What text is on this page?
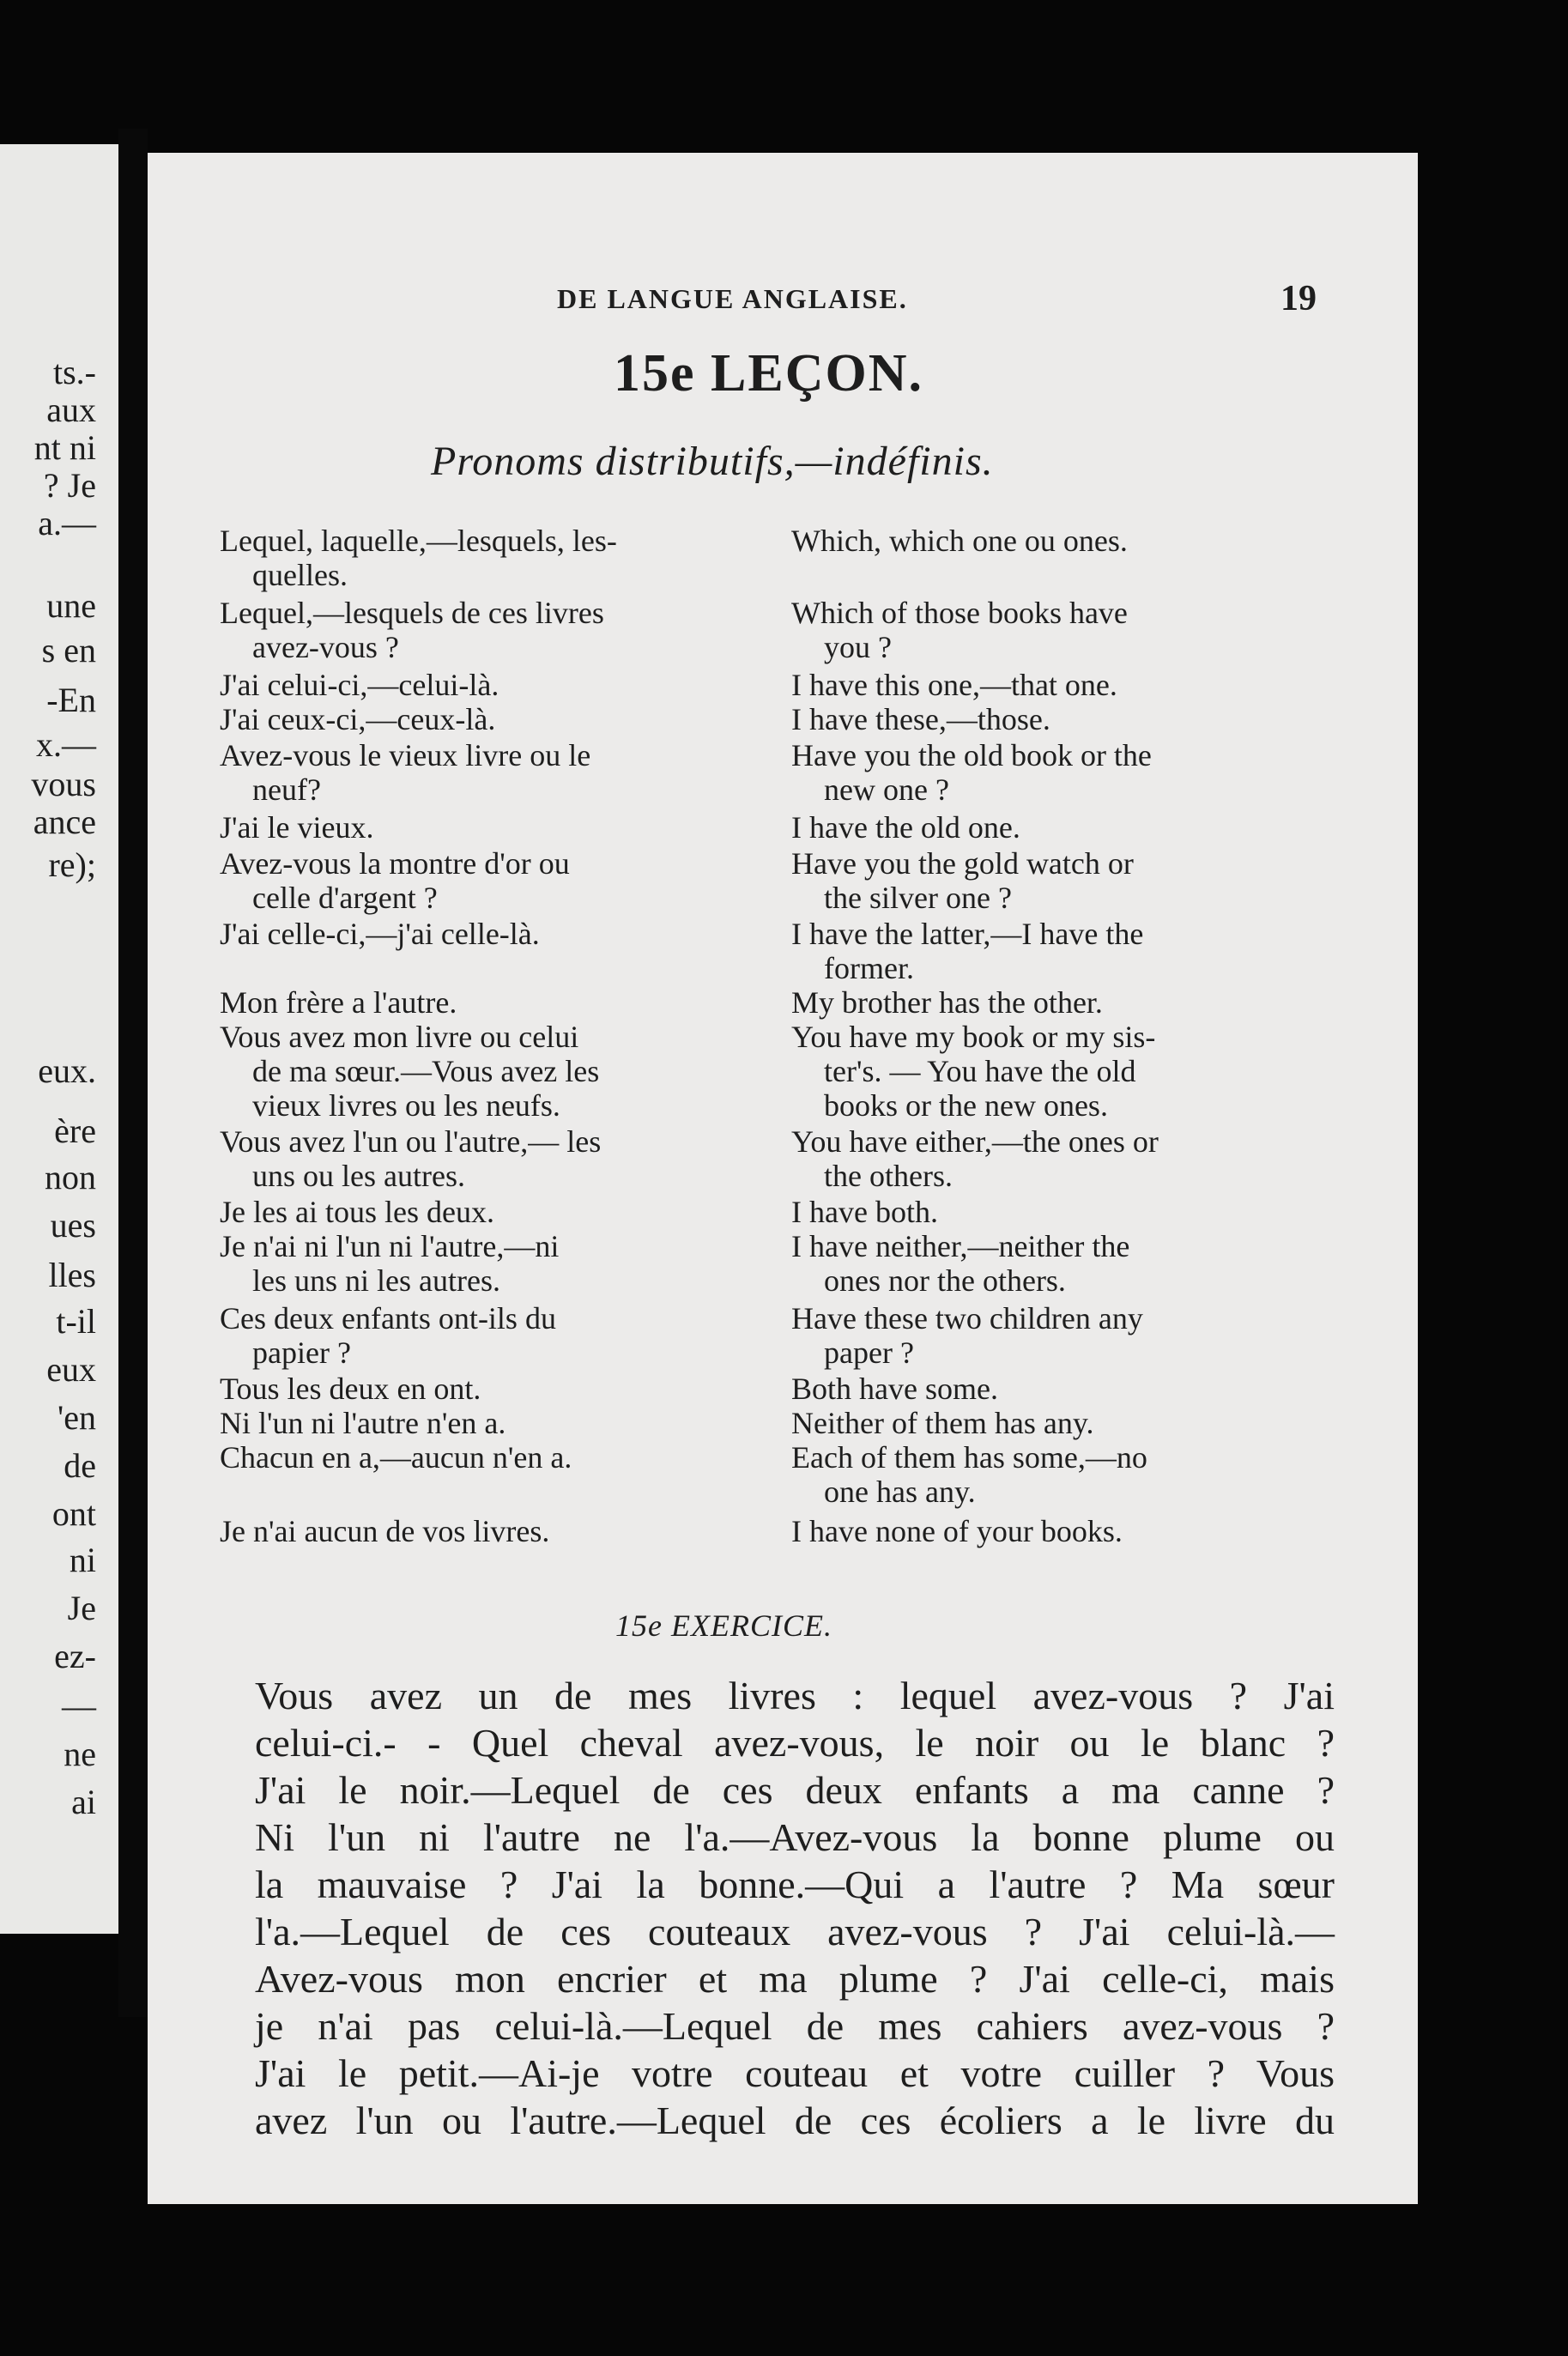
ts.-
aux
nt ni
? Je
a.—
une
s en
-En
x.—
vous
ance
re);
eux.
ère
non
ues
lles
t-il
eux
'en
de
ont
ni
Je
ez-
—
ne
ai
DE LANGUE ANGLAISE.	19
15e LEÇON.
Pronoms distributifs,—indéfinis.
Lequel, laquelle,—lesquels, les-
quelles.
Lequel,—lesquels de ces livres
avez-vous ?
J'ai celui-ci,—celui-là.
J'ai ceux-ci,—ceux-là.
Avez-vous le vieux livre ou le
neuf?
J'ai le vieux.
Avez-vous la montre d'or ou
celle d'argent ?
J'ai celle-ci,—j'ai celle-là.
Mon frère a l'autre.
Vous avez mon livre ou celui
de ma sœur.—Vous avez les
vieux livres ou les neufs.
Vous avez l'un ou l'autre,— les
uns ou les autres.
Je les ai tous les deux.
Je n'ai ni l'un ni l'autre,—ni
les uns ni les autres.
Ces deux enfants ont-ils du
papier ?
Tous les deux en ont.
Ni l'un ni l'autre n'en a.
Chacun en a,—aucun n'en a.
Je n'ai aucun de vos livres.
Which, which one ou ones.
Which of those books have
you ?
I have this one,—that one.
I have these,—those.
Have you the old book or the
new one ?
I have the old one.
Have you the gold watch or
the silver one ?
I have the latter,—I have the
former.
My brother has the other.
You have my book or my sis-
ter's. — You have the old
books or the new ones.
You have either,—the ones or
the others.
I have both.
I have neither,—neither the
ones nor the others.
Have these two children any
paper ?
Both have some.
Neither of them has any.
Each of them has some,—no
one has any.
I have none of your books.
15e EXERCICE.
Vous avez un de mes livres : lequel avez-vous ? J'ai
celui-ci.- - Quel cheval avez-vous, le noir ou le blanc ?
J'ai le noir.—Lequel de ces deux enfants a ma canne ?
Ni l'un ni l'autre ne l'a.—Avez-vous la bonne plume ou
la mauvaise ? J'ai la bonne.—Qui a l'autre ? Ma sœur
l'a.—Lequel de ces couteaux avez-vous ? J'ai celui-là.—
Avez-vous mon encrier et ma plume ? J'ai celle-ci, mais
je n'ai pas celui-là.—Lequel de mes cahiers avez-vous ?
J'ai le petit.—Ai-je votre couteau et votre cuiller ? Vous
avez l'un ou l'autre.—Lequel de ces écoliers a le livre du
